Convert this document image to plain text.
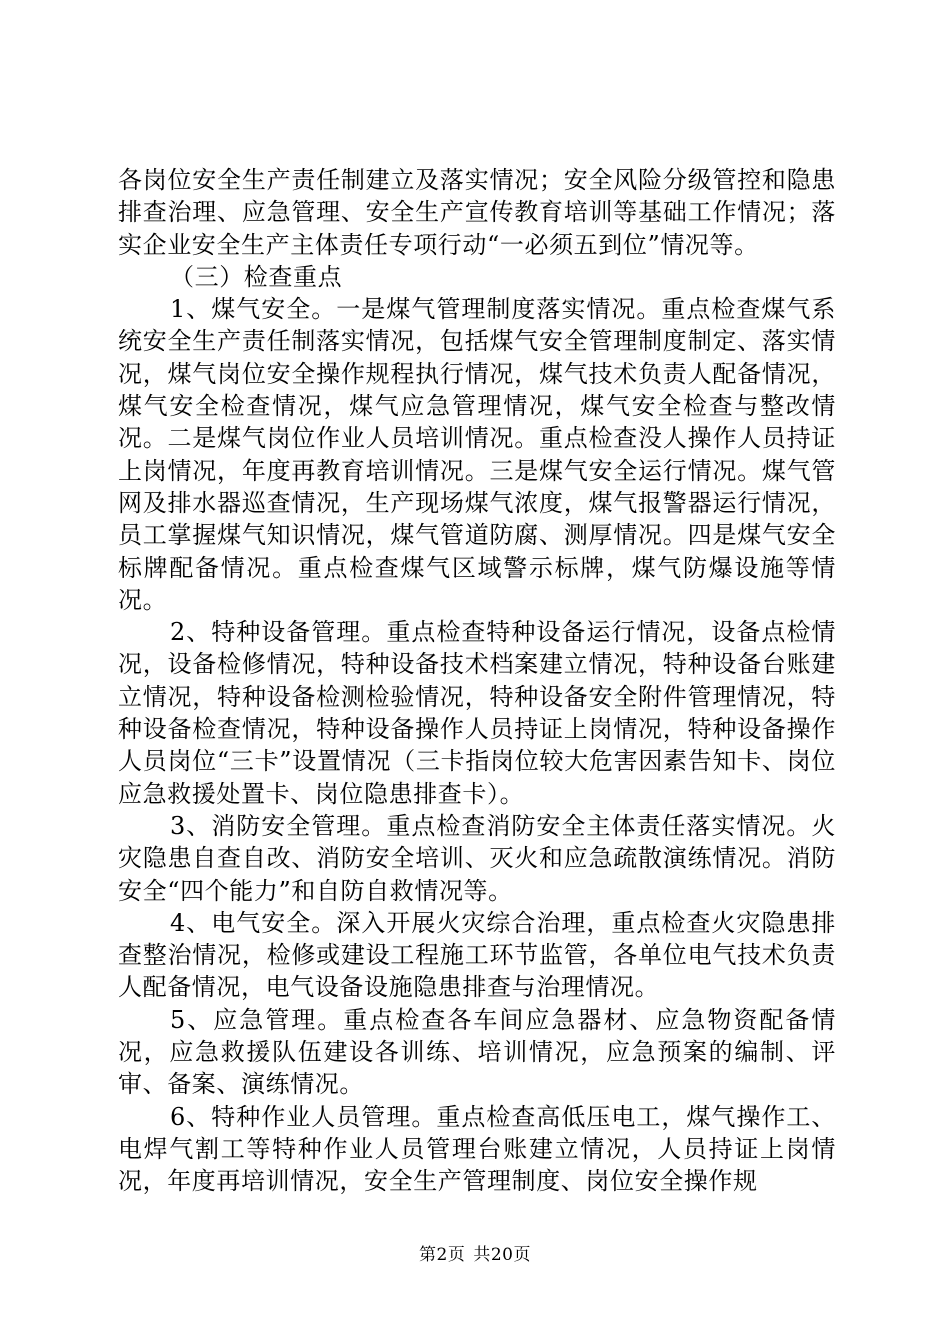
各岗位安全生产责任制建立及落实情况；安全风险分级管控和隐患排查治理、应急管理、安全生产宣传教育培训等基础工作情况；落实企业安全生产主体责任专项行动“一必须五到位”情况等。

（三）检查重点

1、煤气安全。一是煤气管理制度落实情况。重点检查煤气系统安全生产责任制落实情况，包括煤气安全管理制度制定、落实情况，煤气岗位安全操作规程执行情况，煤气技术负责人配备情况，煤气安全检查情况，煤气应急管理情况，煤气安全检查与整改情况。二是煤气岗位作业人员培训情况。重点检查没人操作人员持证上岗情况，年度再教育培训情况。三是煤气安全运行情况。煤气管网及排水器巡查情况，生产现场煤气浓度，煤气报警器运行情况，员工掌握煤气知识情况，煤气管道防腐、测厚情况。四是煤气安全标牌配备情况。重点检查煤气区域警示标牌，煤气防爆设施等情况。

2、特种设备管理。重点检查特种设备运行情况，设备点检情况，设备检修情况，特种设备技术档案建立情况，特种设备台账建立情况，特种设备检测检验情况，特种设备安全附件管理情况，特种设备检查情况，特种设备操作人员持证上岗情况，特种设备操作人员岗位“三卡”设置情况（三卡指岗位较大危害因素告知卡、岗位应急救援处置卡、岗位隐患排查卡）。

3、消防安全管理。重点检查消防安全主体责任落实情况。火灾隐患自查自改、消防安全培训、灭火和应急疏散演练情况。消防安全“四个能力”和自防自救情况等。

4、电气安全。深入开展火灾综合治理，重点检查火灾隐患排查整治情况，检修或建设工程施工环节监管，各单位电气技术负责人配备情况，电气设备设施隐患排查与治理情况。

5、应急管理。重点检查各车间应急器材、应急物资配备情况，应急救援队伍建设各训练、培训情况，应急预案的编制、评审、备案、演练情况。

6、特种作业人员管理。重点检查高低压电工，煤气操作工、电焊气割工等特种作业人员管理台账建立情况，人员持证上岗情况，年度再培训情况，安全生产管理制度、岗位安全操作规

第2页 共20页
